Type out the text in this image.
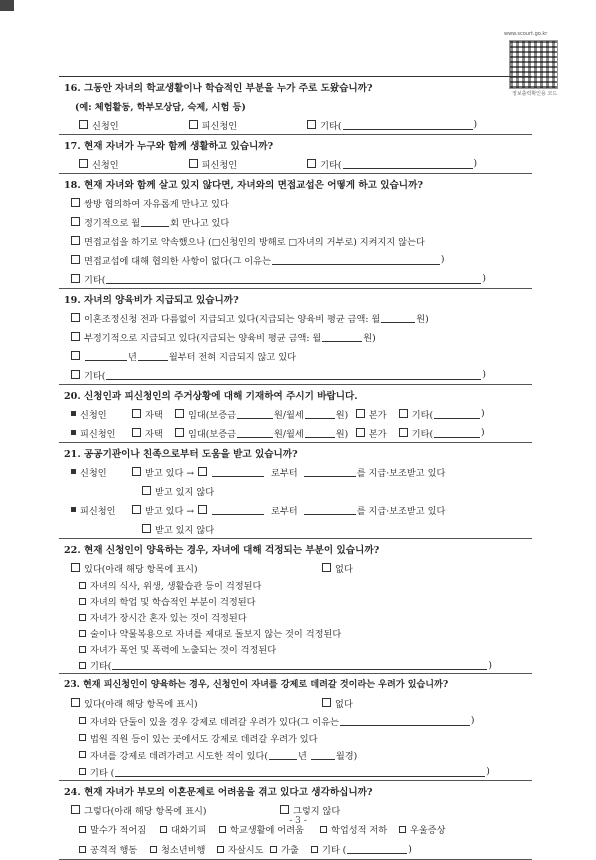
www.scourt.go.kr
정보출력확인용 코드
16. 그동안 자녀의 학교생활이나 학습적인 부분을 누가 주로 도왔습니까?
(예: 체험활동, 학부모상담, 숙제, 시험 등)
신청인	피신청인	기타(	)
17. 현재 자녀가 누구와 함께 생활하고 있습니까?
신청인	피신청인	기타(	)
18. 현재 자녀와 함께 살고 있지 않다면, 자녀와의 면접교섭은 어떻게 하고 있습니까?
쌍방 협의하여 자유롭게 만나고 있다
정기적으로 월	회 만나고 있다
면접교섭을 하기로 약속했으나 (□신청인의 방해로 □자녀의 거부로) 지켜지지 않는다
면접교섭에 대해 협의한 사항이 없다(그 이유는	)
기타(	)
19. 자녀의 양육비가 지급되고 있습니까?
이혼조정신청 전과 다름없이 지급되고 있다(지급되는 양육비 평균 금액: 월	원)
부정기적으로 지급되고 있다(지급되는 양육비 평균 금액: 월	원)
년	월부터 전혀 지급되지 않고 있다
기타(	)
20. 신청인과 피신청인의 주거상황에 대해 기재하여 주시기 바랍니다.
신청인	자택	임대(보증금	원/월세	원)	본가	기타(	)
피신청인	자택	임대(보증금	원/월세	원)	본가	기타(	)
21. 공공기관이나 친족으로부터 도움을 받고 있습니까?
신청인	받고 있다 →	로부터	를 지급·보조받고 있다
받고 있지 않다
피신청인	받고 있다 →	로부터	를 지급·보조받고 있다
받고 있지 않다
22. 현재 신청인이 양육하는 경우, 자녀에 대해 걱정되는 부분이 있습니까?
있다(아래 해당 항목에 표시)	없다
자녀의 식사, 위생, 생활습관 등이 걱정된다
자녀의 학업 및 학습적인 부분이 걱정된다
자녀가 장시간 혼자 있는 것이 걱정된다
술이나 약물복용으로 자녀를 제대로 돌보지 않는 것이 걱정된다
자녀가 폭언 및 폭력에 노출되는 것이 걱정된다
기타(	)
23. 현재 피신청인이 양육하는 경우, 신청인이 자녀를 강제로 데려갈 것이라는 우려가 있습니까?
있다(아래 해당 항목에 표시)	없다
자녀와 단둘이 있을 경우 강제로 데려갈 우려가 있다(그 이유는	)
법원 직원 등이 있는 곳에서도 강제로 데려갈 우려가 있다
자녀를 강제로 데려가려고 시도한 적이 있다(	년	월경)
기타 (	)
24. 현재 자녀가 부모의 이혼문제로 어려움을 겪고 있다고 생각하십니까?
그렇다(아래 해당 항목에 표시)	그렇지 않다
말수가 적어짐	대화기피	학교생활에 어려움	학업성적 저하	우울증상
공격적 행동	청소년비행	자살시도	가출	기타 (	)
- 3 -
